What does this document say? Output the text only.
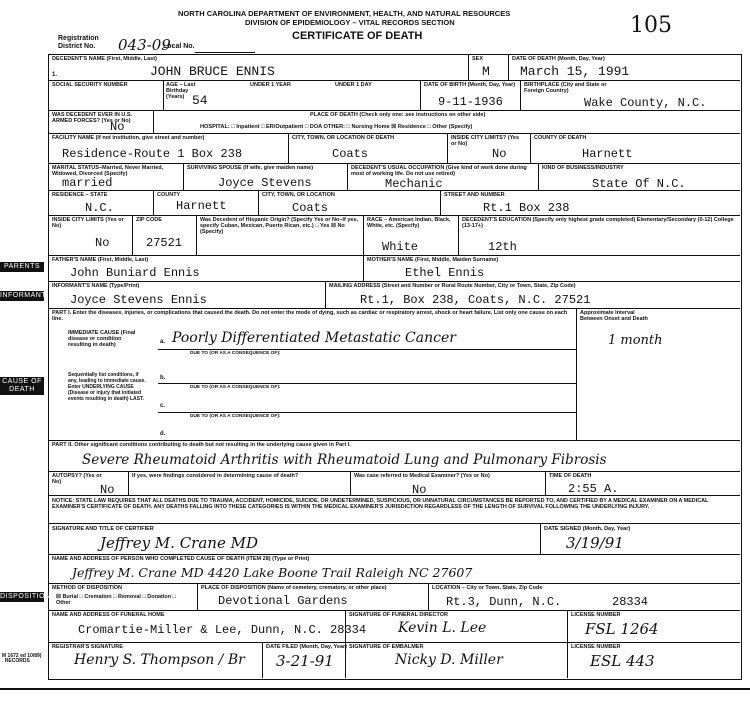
NORTH CAROLINA DEPARTMENT OF ENVIRONMENT, HEALTH, AND NATURAL RESOURCES
DIVISION OF EPIDEMIOLOGY – VITAL RECORDS SECTION
CERTIFICATE OF DEATH
Registration District No.	043-09
Local No.
105
PARENTS
INFORMANT
CAUSE OF DEATH
DISPOSITION
M 1672 ed 10/89) . RECORDS
DECEDENT'S NAME (First, Middle, Last)
JOHN BRUCE ENNIS
1.
SEX
M
DATE OF DEATH (Month, Day, Year)
March 15, 1991
SOCIAL SECURITY NUMBER	AGE – Last Birthday (Years) 54
UNDER 1 YEAR	UNDER 1 DAY	DATE OF BIRTH (Month, Day, Year)
9-11-1936
BIRTHPLACE (City and State or Foreign Country)
Wake County, N.C.
WAS DECEDENT EVER IN U.S. ARMED FORCES? (Yes or No)
No
PLACE OF DEATH (Check only one: see instructions on other side)
HOSPITAL: □ Inpatient □ ER/Outpatient □ DOA OTHER: □ Nursing Home ☒ Residence □ Other (Specify)
FACILITY NAME (If not institution, give street and number)
Residence-Route 1 Box 238
CITY, TOWN, OR LOCATION OF DEATH
Coats
INSIDE CITY LIMITS? (Yes or No)
No
COUNTY OF DEATH
Harnett
MARITAL STATUS–Married, Never Married, Widowed, Divorced (Specify)
married
SURVIVING SPOUSE (If wife, give maiden name)
Joyce Stevens
DECEDENT'S USUAL OCCUPATION (Give kind of work done during most of working life. Do not use retired)
Mechanic
KIND OF BUSINESS/INDUSTRY
State Of N.C.
RESIDENCE – STATE
N.C.
COUNTY
Harnett
CITY, TOWN, OR LOCATION
Coats
STREET AND NUMBER
Rt.1 Box 238
INSIDE CITY LIMITS (Yes or No)
No
ZIP CODE
27521
Was Decedent of Hispanic Origin? (Specify Yes or No–If yes, specify Cuban, Mexican, Puerto Rican, etc.) □ Yes ☒ No (Specify)
RACE – American Indian, Black, White, etc. (Specify)
White
DECEDENT'S EDUCATION (Specify only highest grade completed) Elementary/Secondary (0-12) College (13-17+)
12th
FATHER'S NAME (First, Middle, Last)
John Buniard Ennis
MOTHER'S NAME (First, Middle, Maiden Surname)
Ethel Ennis
INFORMANT'S NAME (Type/Print)
Joyce Stevens Ennis
MAILING ADDRESS (Street and Number or Rural Route Number, City or Town, State, Zip Code)
Rt.1, Box 238, Coats, N.C. 27521
PART I. Enter the diseases, injuries, or complications that caused the death. Do not enter the mode of dying, such as cardiac or respiratory arrest, shock or heart failure. List only one cause on each line.
Approximate Interval Between Onset and Death
IMMEDIATE CAUSE (Final disease or condition resulting in death)	a. Poorly Differentiated Metastatic Cancer	1 month
DUE TO (OR AS A CONSEQUENCE OF):
Sequentially list conditions, if any, leading to immediate cause. Enter UNDERLYING CAUSE (Disease or injury that initiated events resulting in death) LAST.
b.
DUE TO (OR AS A CONSEQUENCE OF):
c.
DUE TO (OR AS A CONSEQUENCE OF):
d.
PART II. Other significant conditions contributing to death but not resulting in the underlying cause given in Part I.
Severe Rheumatoid Arthritis with Rheumatoid Lung and Pulmonary Fibrosis
AUTOPSY? (Yes or No)
No
If yes, were findings considered in determining cause of death?	Was case referred to Medical Examiner? (Yes or No)
No
TIME OF DEATH
2:55 A.
NOTICE: STATE LAW REQUIRES THAT ALL DEATHS DUE TO TRAUMA, ACCIDENT, HOMICIDE, SUICIDE, OR UNDETERMINED, SUSPICIOUS, OR UNNATURAL CIRCUMSTANCES BE REPORTED TO, AND CERTIFIED BY A MEDICAL EXAMINER ON A MEDICAL EXAMINER'S CERTIFICATE OF DEATH. ANY DEATHS FALLING INTO THESE CATEGORIES IS WITHIN THE MEDICAL EXAMINER'S JURISDICTION REGARDLESS OF THE LENGTH OF SURVIVAL FOLLOWING THE UNDERLYING INJURY.
SIGNATURE AND TITLE OF CERTIFIER
Jeffrey M. Crane MD
DATE SIGNED (Month, Day, Year)
3/19/91
NAME AND ADDRESS OF PERSON WHO COMPLETED CAUSE OF DEATH (ITEM 28) (Type or Print)
Jeffrey M. Crane MD 4420 Lake Boone Trail Raleigh NC 27607
METHOD OF DISPOSITION
☒ Burial □ Cremation □ Removal □ Donation □ Other
PLACE OF DISPOSITION (Name of cemetery, crematory, or other place)
Devotional Gardens
LOCATION – City or Town, State, Zip Code
Rt.3, Dunn, N.C.	28334
NAME AND ADDRESS OF FUNERAL HOME
Cromartie-Miller & Lee, Dunn, N.C. 28334
SIGNATURE OF FUNERAL DIRECTOR
Kevin L. Lee
LICENSE NUMBER
FSL 1264
REGISTRAR'S SIGNATURE
Henry S. Thompson / Br
DATE FILED (Month, Day, Year)
3-21-91
SIGNATURE OF EMBALMER
Nicky D. Miller
LICENSE NUMBER
ESL 443
